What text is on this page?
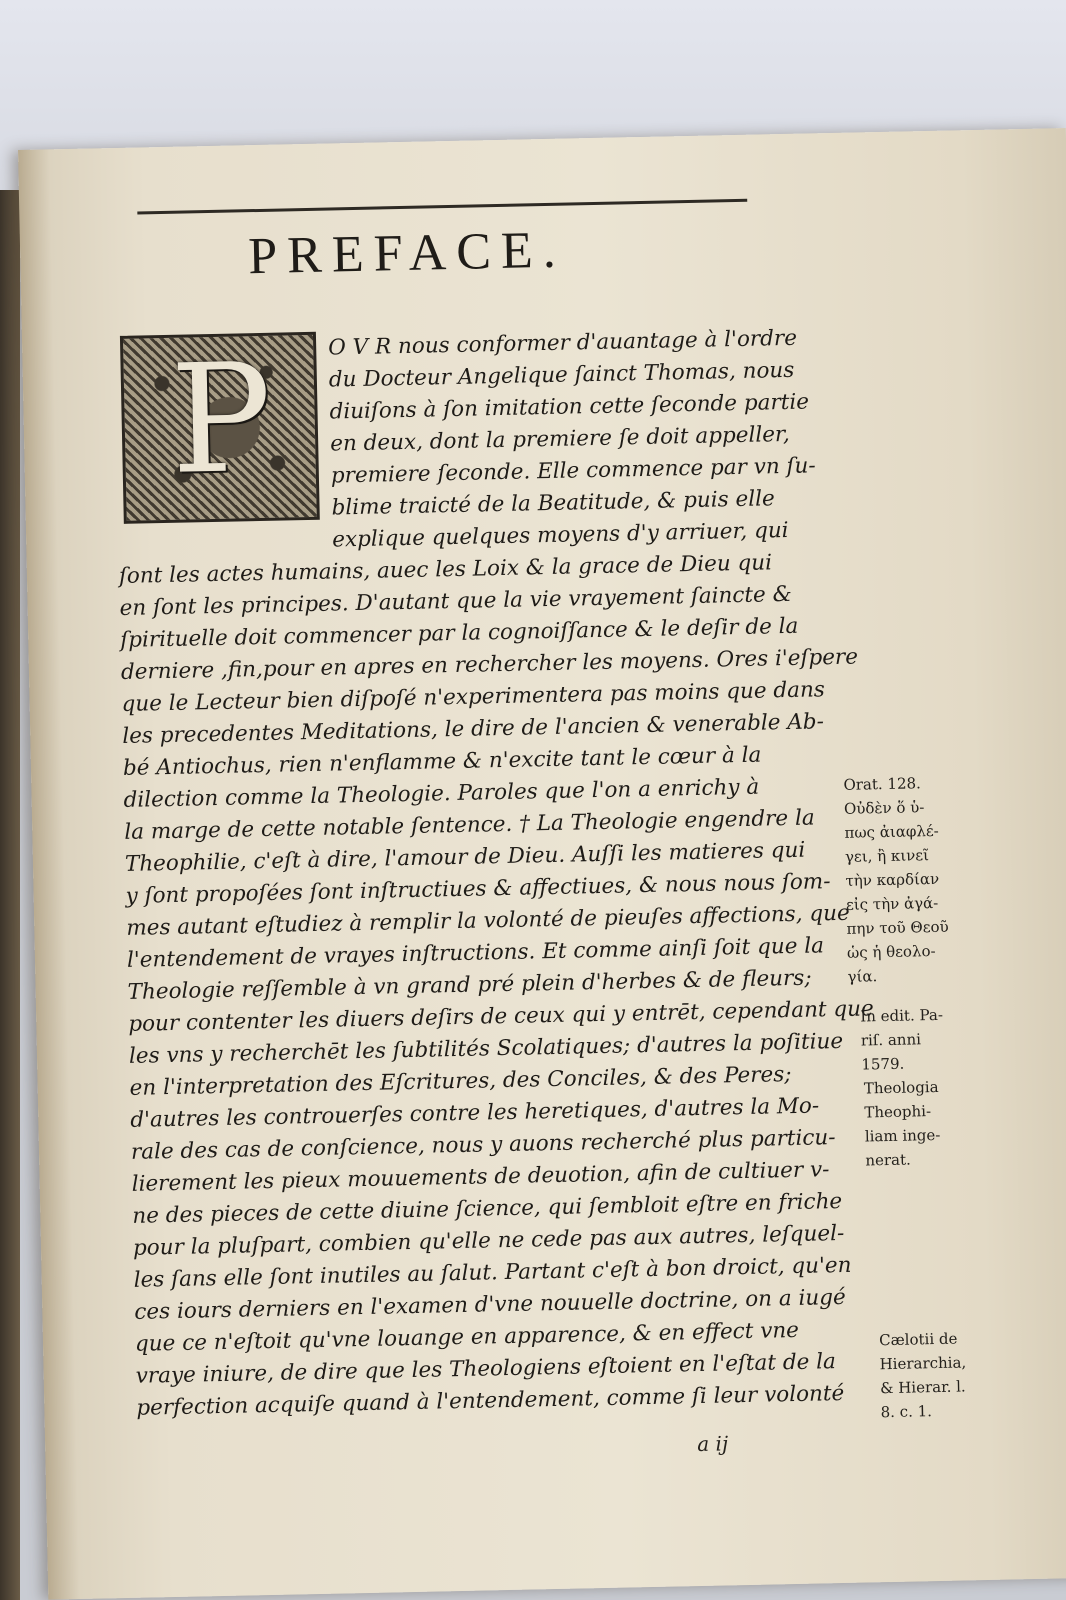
PREFACE.
P	O V R nous conformer d'auantage à l'ordre
du Docteur Angelique ſainct Thomas, nous
diuiſons à ſon imitation cette ſeconde partie
en deux, dont la premiere ſe doit appeller,
premiere ſeconde. Elle commence par vn ſu-
blime traicté de la Beatitude, & puis elle
explique quelques moyens d'y arriuer, qui
ſont les actes humains, auec les Loix & la grace de Dieu qui
en ſont les principes. D'autant que la vie vrayement ſaincte &
ſpirituelle doit commencer par la cognoiſſance & le deſir de la
derniere ,fin,pour en apres en rechercher les moyens. Ores i'eſpere
que le Lecteur bien diſpoſé n'experimentera pas moins que dans
les precedentes Meditations, le dire de l'ancien & venerable Ab-
bé Antiochus, rien n'enflamme & n'excite tant le cœur à la
dilection comme la Theologie. Paroles que l'on a enrichy à
la marge de cette notable ſentence. † La Theologie engendre la
Theophilie, c'eſt à dire, l'amour de Dieu. Auſſi les matieres qui
y ſont propoſées ſont inſtructiues & affectiues, & nous nous ſom-
mes autant eſtudiez à remplir la volonté de pieuſes affections, que
l'entendement de vrayes inſtructions. Et comme ainſi ſoit que la
Theologie reſſemble à vn grand pré plein d'herbes & de fleurs;
pour contenter les diuers deſirs de ceux qui y entrēt, cependant que
les vns y recherchēt les ſubtilités Scolatiques; d'autres la poſitiue
en l'interpretation des Eſcritures, des Conciles, & des Peres;
d'autres les controuerſes contre les heretiques, d'autres la Mo-
rale des cas de conſcience, nous y auons recherché plus particu-
lierement les pieux mouuements de deuotion, afin de cultiuer v-
ne des pieces de cette diuine ſcience, qui ſembloit eſtre en friche
pour la pluſpart, combien qu'elle ne cede pas aux autres, leſquel-
les ſans elle ſont inutiles au ſalut. Partant c'eſt à bon droict, qu'en
ces iours derniers en l'examen d'vne nouuelle doctrine, on a iugé
que ce n'eſtoit qu'vne louange en apparence, & en effect vne
vraye iniure, de dire que les Theologiens eſtoient en l'eſtat de la
perfection acquiſe quand à l'entendement, comme ſi leur volonté
Orat. 128.
Οὐδὲν ὅ ὑ-
πως ἀιαφλέ-
γει, ἢ κινεῖ
τὴν καρδίαν
εἰς τὴν ἀγά-
πην τοῦ Θεοῦ
ὡς ἡ θεολο-
γία.
In edit. Pa-
riſ. anni
1579.
Theologia
Theophi-
liam inge-
nerat.
Cælotii de
Hierarchia,
& Hierar. l.
8. c. 1.
a ij
